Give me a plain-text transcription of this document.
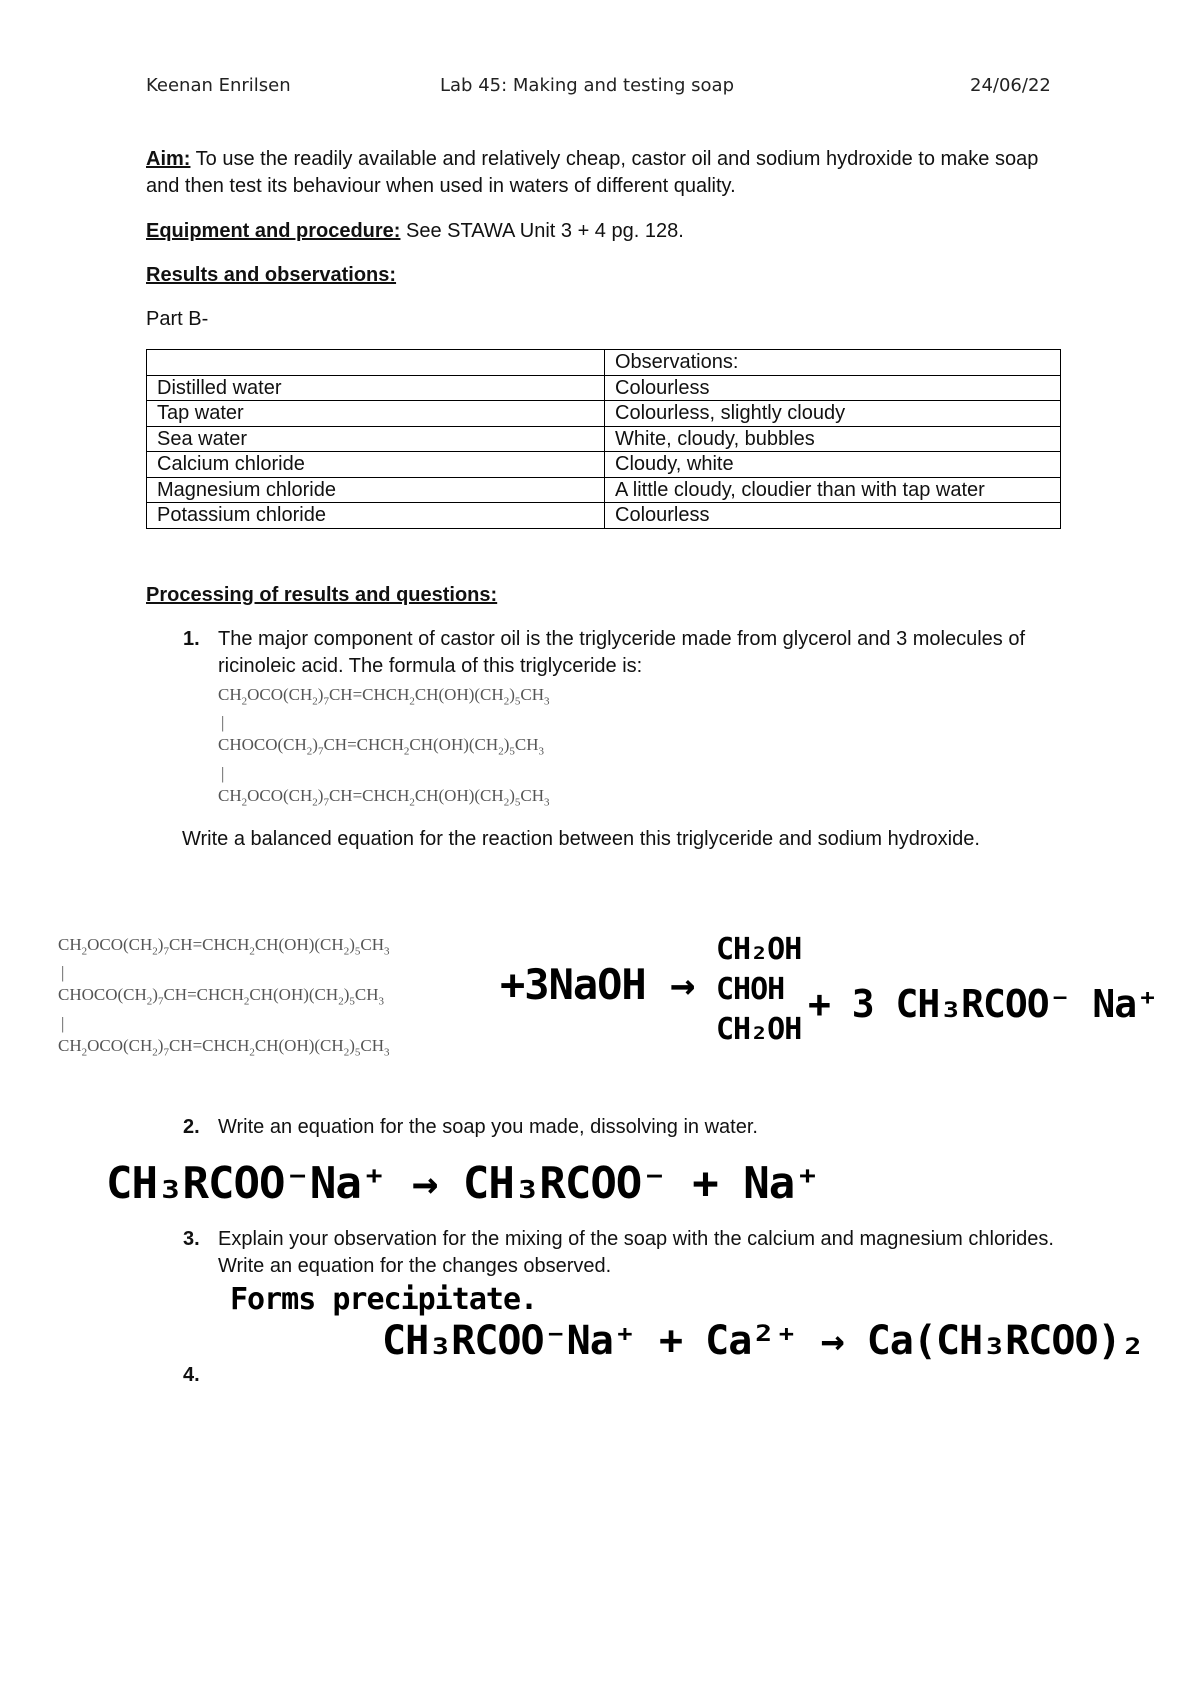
Keenan Enrilsen	Lab 45: Making and testing soap	24/06/22
Aim: To use the readily available and relatively cheap, castor oil and sodium hydroxide to make soap and then test its behaviour when used in waters of different quality.
Equipment and procedure: See STAWA Unit 3 + 4 pg. 128.
Results and observations:
Part B-
	Observations:
Distilled water	Colourless
Tap water	Colourless, slightly cloudy
Sea water	White, cloudy, bubbles
Calcium chloride	Cloudy, white
Magnesium chloride	A little cloudy, cloudier than with tap water
Potassium chloride	Colourless
Processing of results and questions:
1. The major component of castor oil is the triglyceride made from glycerol and 3 molecules of ricinoleic acid. The formula of this triglyceride is:
$CH_2OCO(CH_2)_7CH=CHCH_2CH(OH)(CH_2)_5CH_3$
|
$CHOCO(CH_2)_7CH=CHCH_2CH(OH)(CH_2)_5CH_3$
|
$CH_2OCO(CH_2)_7CH=CHCH_2CH(OH)(CH_2)_5CH_3$
Write a balanced equation for the reaction between this triglyceride and sodium hydroxide.
$CH_2OCO(CH_2)_7CH=CHCH_2CH(OH)(CH_2)_5CH_3$
|
$CHOCO(CH_2)_7CH=CHCH_2CH(OH)(CH_2)_5CH_3$
|
$CH_2OCO(CH_2)_7CH=CHCH_2CH(OH)(CH_2)_5CH_3$
+3NaOH →
CH₂OH
CHOH
CH₂OH
+ 3 CH₃RCOO⁻ Na⁺
2. Write an equation for the soap you made, dissolving in water.
CH₃RCOO⁻Na⁺ → CH₃RCOO⁻ + Na⁺
3. Explain your observation for the mixing of the soap with the calcium and magnesium chlorides. Write an equation for the changes observed.
Forms precipitate.
CH₃RCOO⁻Na⁺ + Ca²⁺ → Ca(CH₃RCOO)₂
4.
